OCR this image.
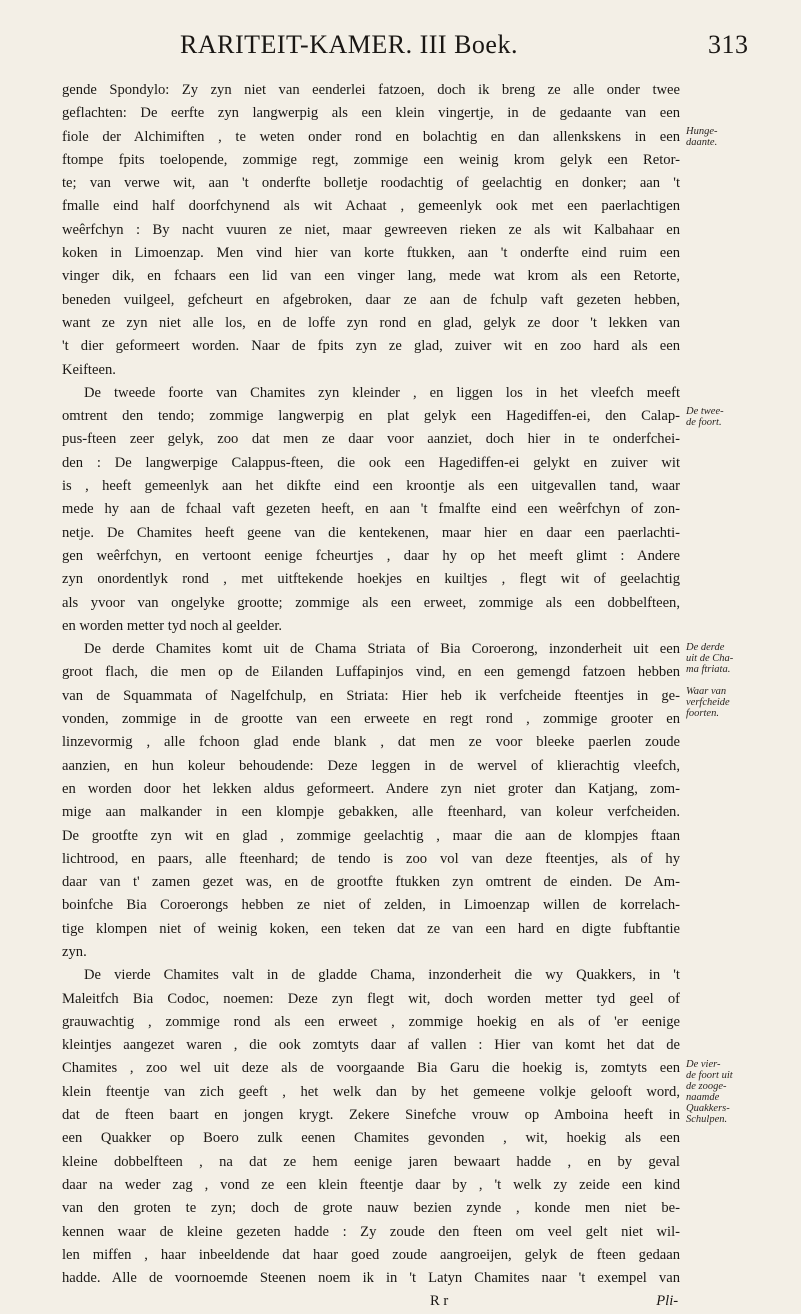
RARITEIT-KAMER. III Boek.	313
gende Spondylo: Zy zyn niet van eenderlei fatzoen, doch ik breng ze alle onder twee
geflachten: De eerfte zyn langwerpig als een klein vingertje, in de gedaante van een
fiole der Alchimiften , te weten onder rond en bolachtig en dan allenkskens in een
ftompe fpits toelopende, zommige regt, zommige een weinig krom gelyk een Retor-
te; van verwe wit, aan 't onderfte bolletje roodachtig of geelachtig en donker; aan 't
fmalle eind half doorfchynend als wit Achaat , gemeenlyk ook met een paerlachtigen
weêrfchyn : By nacht vuuren ze niet, maar gewreeven rieken ze als wit Kalbahaar en
koken in Limoenzap. Men vind hier van korte ftukken, aan 't onderfte eind ruim een
vinger dik, en fchaars een lid van een vinger lang, mede wat krom als een Retorte,
beneden vuilgeel, gefcheurt en afgebroken, daar ze aan de fchulp vaft gezeten hebben,
want ze zyn niet alle los, en de loffe zyn rond en glad, gelyk ze door 't lekken van
't dier geformeert worden. Naar de fpits zyn ze glad, zuiver wit en zoo hard als een
Keifteen.
De tweede foorte van Chamites zyn kleinder , en liggen los in het vleefch meeft
omtrent den tendo; zommige langwerpig en plat gelyk een Hagediffen-ei, den Calap-
pus-fteen zeer gelyk, zoo dat men ze daar voor aanziet, doch hier in te onderfchei-
den : De langwerpige Calappus-fteen, die ook een Hagediffen-ei gelykt en zuiver wit
is , heeft gemeenlyk aan het dikfte eind een kroontje als een uitgevallen tand, waar
mede hy aan de fchaal vaft gezeten heeft, en aan 't fmalfte eind een weêrfchyn of zon-
netje. De Chamites heeft geene van die kentekenen, maar hier en daar een paerlachti-
gen weêrfchyn, en vertoont eenige fcheurtjes , daar hy op het meeft glimt : Andere
zyn onordentlyk rond , met uitftekende hoekjes en kuiltjes , flegt wit of geelachtig
als yvoor van ongelyke grootte; zommige als een erweet, zommige als een dobbelfteen,
en worden metter tyd noch al geelder.
De derde Chamites komt uit de Chama Striata of Bia Coroerong, inzonderheit uit een
groot flach, die men op de Eilanden Luffapinjos vind, en een gemengd fatzoen hebben
van de Squammata of Nagelfchulp, en Striata: Hier heb ik verfcheide fteentjes in ge-
vonden, zommige in de grootte van een erweete en regt rond , zommige grooter en
linzevormig , alle fchoon glad ende blank , dat men ze voor bleeke paerlen zoude
aanzien, en hun koleur behoudende: Deze leggen in de wervel of klierachtig vleefch,
en worden door het lekken aldus geformeert. Andere zyn niet groter dan Katjang, zom-
mige aan malkander in een klompje gebakken, alle fteenhard, van koleur verfcheiden.
De grootfte zyn wit en glad , zommige geelachtig , maar die aan de klompjes ftaan
lichtrood, en paars, alle fteenhard; de tendo is zoo vol van deze fteentjes, als of hy
daar van t' zamen gezet was, en de grootfte ftukken zyn omtrent de einden. De Am-
boinfche Bia Coroerongs hebben ze niet of zelden, in Limoenzap willen de korrelach-
tige klompen niet of weinig koken, een teken dat ze van een hard en digte fubftantie
zyn.
De vierde Chamites valt in de gladde Chama, inzonderheit die wy Quakkers, in 't
Maleitfch Bia Codoc, noemen: Deze zyn flegt wit, doch worden metter tyd geel of
grauwachtig , zommige rond als een erweet , zommige hoekig en als of 'er eenige
kleintjes aangezet waren , die ook zomtyts daar af vallen : Hier van komt het dat de
Chamites , zoo wel uit deze als de voorgaande Bia Garu die hoekig is, zomtyts een
klein fteentje van zich geeft , het welk dan by het gemeene volkje gelooft word,
dat de fteen baart en jongen krygt. Zekere Sinefche vrouw op Amboina heeft in
een Quakker op Boero zulk eenen Chamites gevonden , wit, hoekig als een
kleine dobbelfteen , na dat ze hem eenige jaren bewaart hadde , en by geval
daar na weder zag , vond ze een klein fteentje daar by , 't welk zy zeide een kind
van den groten te zyn; doch de grote nauw bezien zynde , konde men niet be-
kennen waar de kleine gezeten hadde : Zy zoude den fteen om veel gelt niet wil-
len miffen , haar inbeeldende dat haar goed zoude aangroeijen, gelyk de fteen gedaan
hadde. Alle de voornoemde Steenen noem ik in 't Latyn Chamites naar 't exempel van
R r	Pli-
Hunge-
daante.
De twee-
de foort.
De derde
uit de Cha-
ma ftriata.
Waar van
verfcheide
foorten.
De vier-
de foort uit
de zooge-
naamde
Quakkers-
Schulpen.
